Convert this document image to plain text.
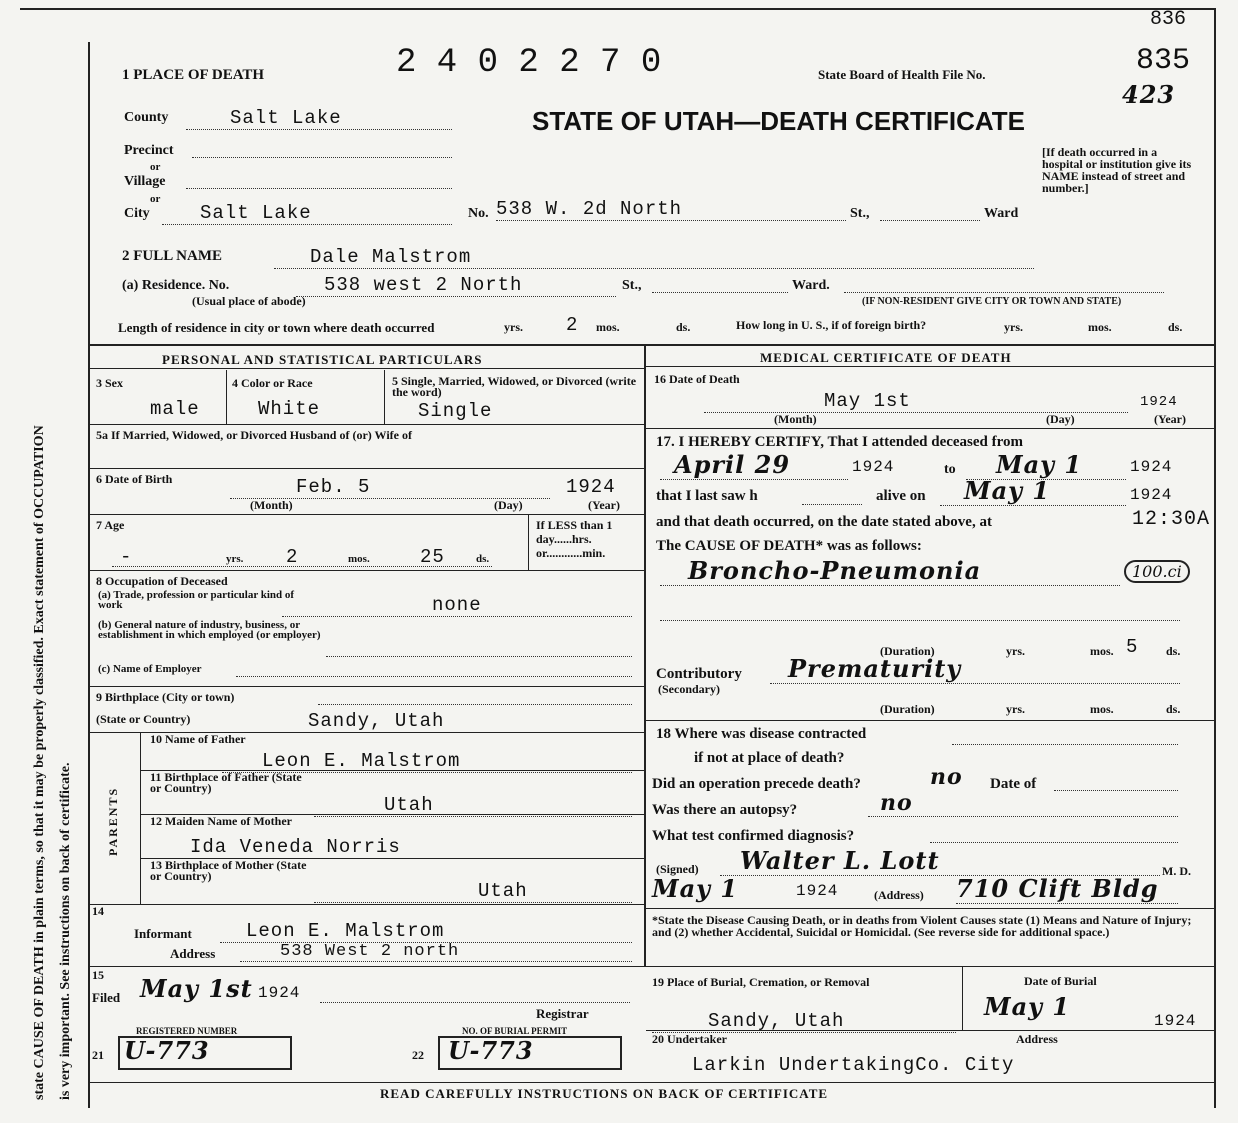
state CAUSE OF DEATH in plain terms, so that it may be properly classified. Exact statement of OCCUPATION is very important. See instructions on back of certificate.
836
1 PLACE OF DEATH	2 4 0 2 2 7 0	State Board of Health File No.	835
423
STATE OF UTAH—DEATH CERTIFICATE
[If death occurred in a hospital or institution give its NAME instead of street and number.]
County	Salt Lake
Precinct
or
Village
or
City	Salt Lake	No. 538 W. 2d North	St.,	Ward
2 FULL NAME	Dale Malstrom
(a) Residence. No.	538 west 2 North
(Usual place of abode)
St.,	Ward.
(IF NON-RESIDENT GIVE CITY OR TOWN AND STATE)
Length of residence in city or town where death occurred	yrs. 2 mos.	ds.	How long in U. S., if of foreign birth?	yrs.	mos.	ds.
PERSONAL AND STATISTICAL PARTICULARS
3 Sex
male
4 Color or Race
White
5 Single, Married, Widowed, or Divorced (write the word)
Single
5a If Married, Widowed, or Divorced Husband of (or) Wife of
6 Date of Birth	Feb. 5	1924
(Month)	(Day)	(Year)
7 Age
-	yrs. 2	mos.	25	ds.
If LESS than 1 day......hrs. or............min.
8 Occupation of Deceased
(a) Trade, profession or particular kind of work	none
(b) General nature of industry, business, or establishment in which employed (or employer)
(c) Name of Employer
9 Birthplace (City or town)
(State or Country)	Sandy, Utah
PARENTS
10 Name of Father
Leon E. Malstrom
11 Birthplace of Father (State or Country)
Utah
12 Maiden Name of Mother
Ida Veneda Norris
13 Birthplace of Mother (State or Country)
Utah
14
Informant	Leon E. Malstrom
Address	538 West 2 north
15
Filed May 1st 1924
Registrar
REGISTERED NUMBER
21 U-773
NO. OF BURIAL PERMIT
22 U-773
MEDICAL CERTIFICATE OF DEATH
16 Date of Death
May 1st	1924
(Month)	(Day)	(Year)
17. I HEREBY CERTIFY, That I attended deceased from
April 29	1924	to	May 1	1924
that I last saw h	alive on	May 1	1924
and that death occurred, on the date stated above, at	12:30A
The CAUSE OF DEATH* was as follows:
Broncho-Pneumonia	100.ci
(Duration)	yrs.	mos. 5 ds.
Contributory
(Secondary)
Prematurity
(Duration)	yrs.	mos.	ds.
18 Where was disease contracted
if not at place of death?
Did an operation precede death?	no Date of
Was there an autopsy?	no
What test confirmed diagnosis?
(Signed)	Walter L. Lott	M. D.
May 1	1924	(Address) 710 Clift Bldg
*State the Disease Causing Death, or in deaths from Violent Causes state (1) Means and Nature of Injury; and (2) whether Accidental, Suicidal or Homicidal. (See reverse side for additional space.)
19 Place of Burial, Cremation, or Removal
Sandy, Utah
Date of Burial
May 1	1924
20 Undertaker	Address
Larkin UndertakingCo. City
READ CAREFULLY INSTRUCTIONS ON BACK OF CERTIFICATE
